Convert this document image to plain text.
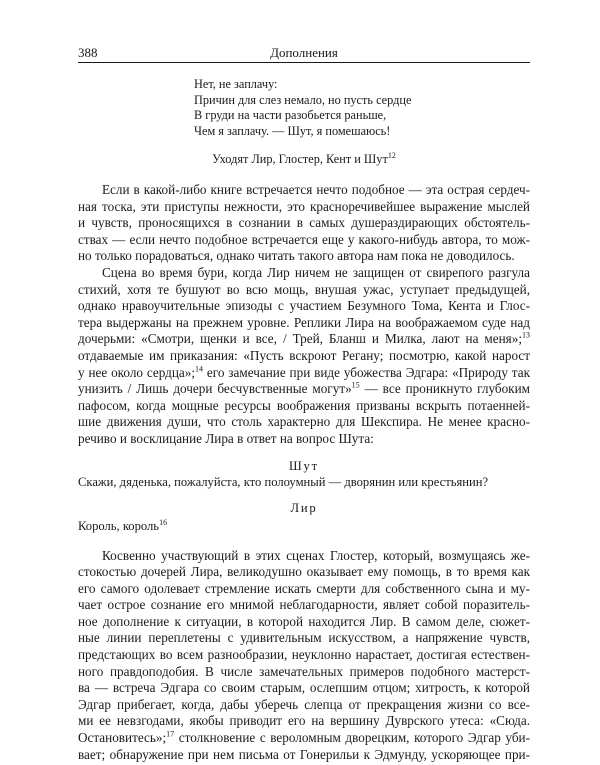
388	Дополнения
Нет, не заплачу:
Причин для слез немало, но пусть сердце
В груди на части разобьется раньше,
Чем я заплачу. — Шут, я помешаюсь!
Уходят Лир, Глостер, Кент и Шут$^{12}$
Если в какой-либо книге встречается нечто подобное — эта острая сердеч-
ная тоска, эти приступы нежности, это красноречивейшее выражение мыслей
и чувств, проносящихся в сознании в самых душераздирающих обстоятель-
ствах — если нечто подобное встречается еще у какого-нибудь автора, то мож-
но только порадоваться, однако читать такого автора нам пока не доводилось.
Сцена во время бури, когда Лир ничем не защищен от свирепого разгула
стихий, хотя те бушуют во всю мощь, внушая ужас, уступает предыдущей,
однако нравоучительные эпизоды с участием Безумного Тома, Кента и Глос-
тера выдержаны на прежнем уровне. Реплики Лира на воображаемом суде над
дочерьми: «Смотри, щенки и все, / Трей, Бланш и Милка, лают на меня»;$^{13}$
отдаваемые им приказания: «Пусть вскроют Регану; посмотрю, какой нарост
у нее около сердца»;$^{14}$ его замечание при виде убожества Эдгара: «Природу так
унизить / Лишь дочери бесчувственные могут»$^{15}$ — все проникнуто глубоким
пафосом, когда мощные ресурсы воображения призваны вскрыть потаенней-
шие движения души, что столь характерно для Шекспира. Не менее красно-
речиво и восклицание Лира в ответ на вопрос Шута:
Шут
Скажи, дяденька, пожалуйста, кто полоумный — дворянин или крестьянин?
Лир
Король, король$^{16}$
Косвенно участвующий в этих сценах Глостер, который, возмущаясь же-
стокостью дочерей Лира, великодушно оказывает ему помощь, в то время как
его самого одолевает стремление искать смерти для собственного сына и му-
чает острое сознание его мнимой неблагодарности, являет собой поразитель-
ное дополнение к ситуации, в которой находится Лир. В самом деле, сюжет-
ные линии переплетены с удивительным искусством, а напряжение чувств,
предстающих во всем разнообразии, неуклонно нарастает, достигая естествен-
ного правдоподобия. В числе замечательных примеров подобного мастерст-
ва — встреча Эдгара со своим старым, ослепшим отцом; хитрость, к которой
Эдгар прибегает, когда, дабы уберечь слепца от прекращения жизни со все-
ми ее невзгодами, якобы приводит его на вершину Дуврского утеса: «Сюда.
Остановитесь»;$^{17}$ столкновение с вероломным дворецким, которого Эдгар уби-
вает; обнаружение при нем письма от Гонерильи к Эдмунду, ускоряющее при-
